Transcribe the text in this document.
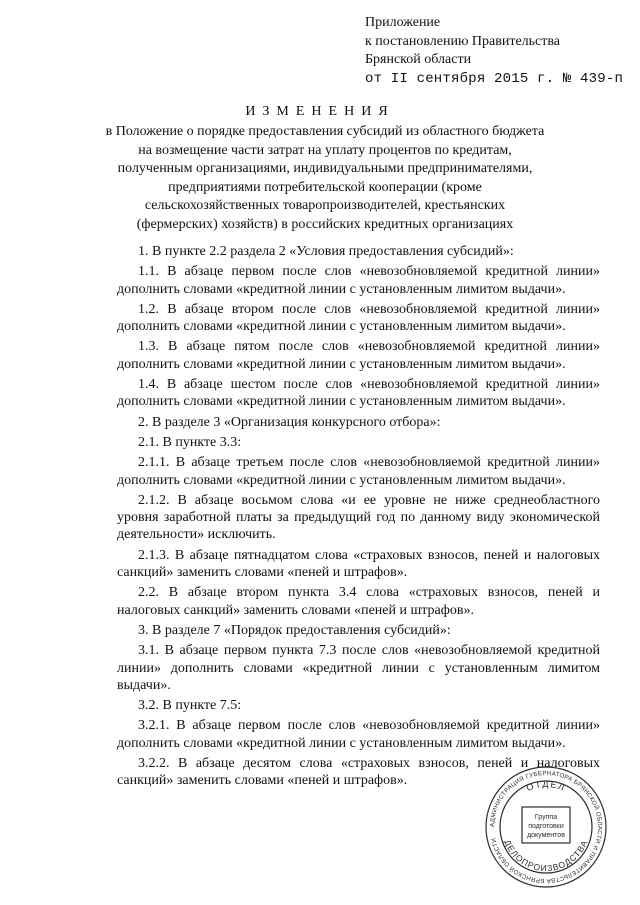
Приложение
к постановлению Правительства
Брянской области
от II сентября 2015 г. № 439-п
ИЗМЕНЕНИЯ
в Положение о порядке предоставления субсидий из областного бюджета на возмещение части затрат на уплату процентов по кредитам, полученным организациями, индивидуальными предпринимателями, предприятиями потребительской кооперации (кроме сельскохозяйственных товаропроизводителей, крестьянских (фермерских) хозяйств) в российских кредитных организациях

1. В пункте 2.2 раздела 2 «Условия предоставления субсидий»:

1.1. В абзаце первом после слов «невозобновляемой кредитной линии» дополнить словами «кредитной линии с установленным лимитом выдачи».

1.2. В абзаце втором после слов «невозобновляемой кредитной линии» дополнить словами «кредитной линии с установленным лимитом выдачи».

1.3. В абзаце пятом после слов «невозобновляемой кредитной линии» дополнить словами «кредитной линии с установленным лимитом выдачи».

1.4. В абзаце шестом после слов «невозобновляемой кредитной линии» дополнить словами «кредитной линии с установленным лимитом выдачи».

2. В разделе 3 «Организация конкурсного отбора»:

2.1. В пункте 3.3:

2.1.1. В абзаце третьем после слов «невозобновляемой кредитной линии» дополнить словами «кредитной линии с установленным лимитом выдачи».

2.1.2. В абзаце восьмом слова «и ее уровне не ниже среднеобластного уровня заработной платы за предыдущий год по данному виду экономической деятельности» исключить.

2.1.3. В абзаце пятнадцатом слова «страховых взносов, пеней и налоговых санкций» заменить словами «пеней и штрафов».

2.2. В абзаце втором пункта 3.4 слова «страховых взносов, пеней и налоговых санкций» заменить словами «пеней и штрафов».

3. В разделе 7 «Порядок предоставления субсидий»:

3.1. В абзаце первом пункта 7.3 после слов «невозобновляемой кредитной линии» дополнить словами «кредитной линии с установленным лимитом выдачи».

3.2. В пункте 7.5:

3.2.1. В абзаце первом после слов «невозобновляемой кредитной линии» дополнить словами «кредитной линии с установленным лимитом выдачи».

3.2.2. В абзаце десятом слова «страховых взносов, пеней и налоговых санкций» заменить словами «пеней и штрафов».

АДМИНИСТРАЦИЯ ГУБЕРНАТОРА БРЯНСКОЙ ОБЛАСТИ И ПРАВИТЕЛЬСТВА БРЯНСКОЙ ОБЛАСТИ
ОТДЕЛ
ДЕЛОПРОИЗВОДСТВА
Группа
подготовки
документов
